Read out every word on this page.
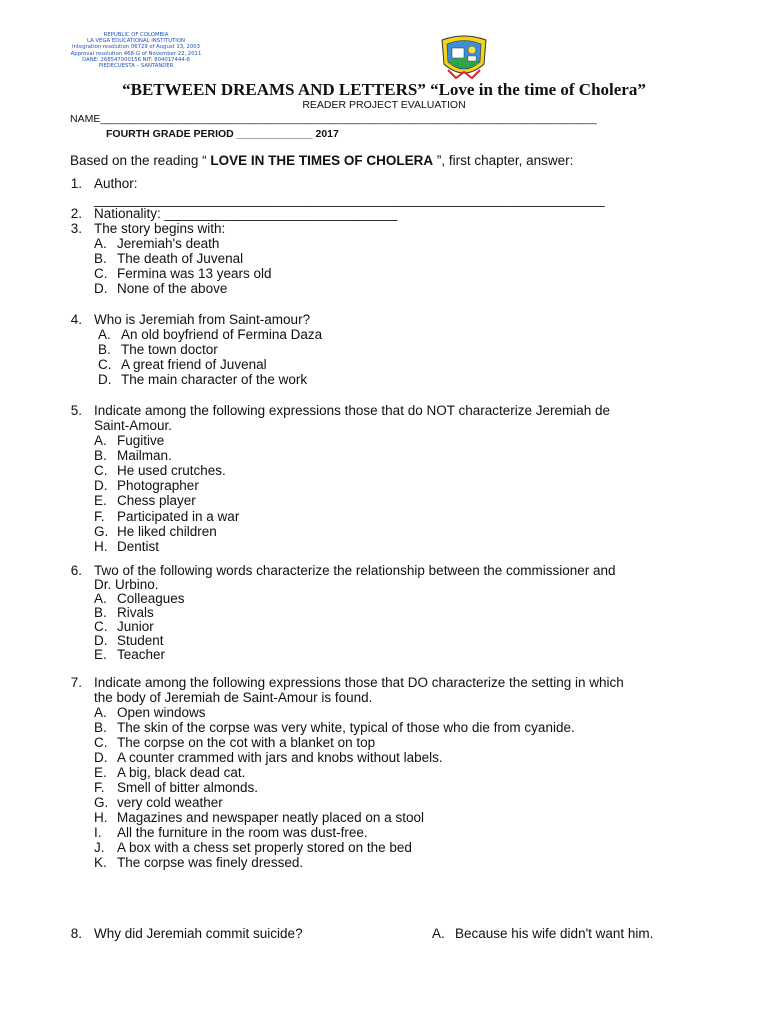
REPUBLIC OF COLOMBIA
LA VEGA EDUCATIONAL INSTITUTION
Integration resolution 06729 of August 13, 2003
Approval resolution 468-G of November 22, 2011
DANE: 268547000156 NIT: 804017444-8
PIEDECUESTA – SANTANDER
“BETWEEN DREAMS AND LETTERS” “Love in the time of Cholera”
READER PROJECT EVALUATION
NAME_____________________________________________________________________________________
FOURTH GRADE PERIOD _____________ 2017
Based on the reading “ LOVE IN THE TIMES OF CHOLERA ”, first chapter, answer:
1. Author:
____________________________________________________________________
2. Nationality: _______________________________
3. The story begins with:
A. Jeremiah's death
B. The death of Juvenal
C. Fermina was 13 years old
D. None of the above
4. Who is Jeremiah from Saint-amour?
A. An old boyfriend of Fermina Daza
B. The town doctor
C. A great friend of Juvenal
D. The main character of the work
5. Indicate among the following expressions those that do NOT characterize Jeremiah de
Saint-Amour.
A. Fugitive
B. Mailman.
C. He used crutches.
D. Photographer
E. Chess player
F. Participated in a war
G. He liked children
H. Dentist
6. Two of the following words characterize the relationship between the commissioner and
Dr. Urbino.
A. Colleagues
B. Rivals
C. Junior
D. Student
E. Teacher
7. Indicate among the following expressions those that DO characterize the setting in which
the body of Jeremiah de Saint-Amour is found.
A. Open windows
B. The skin of the corpse was very white, typical of those who die from cyanide.
C. The corpse on the cot with a blanket on top
D. A counter crammed with jars and knobs without labels.
E. A big, black dead cat.
F. Smell of bitter almonds.
G. very cold weather
H. Magazines and newspaper neatly placed on a stool
I. All the furniture in the room was dust-free.
J. A box with a chess set properly stored on the bed
K. The corpse was finely dressed.
8. Why did Jeremiah commit suicide?	A. Because his wife didn't want him.
